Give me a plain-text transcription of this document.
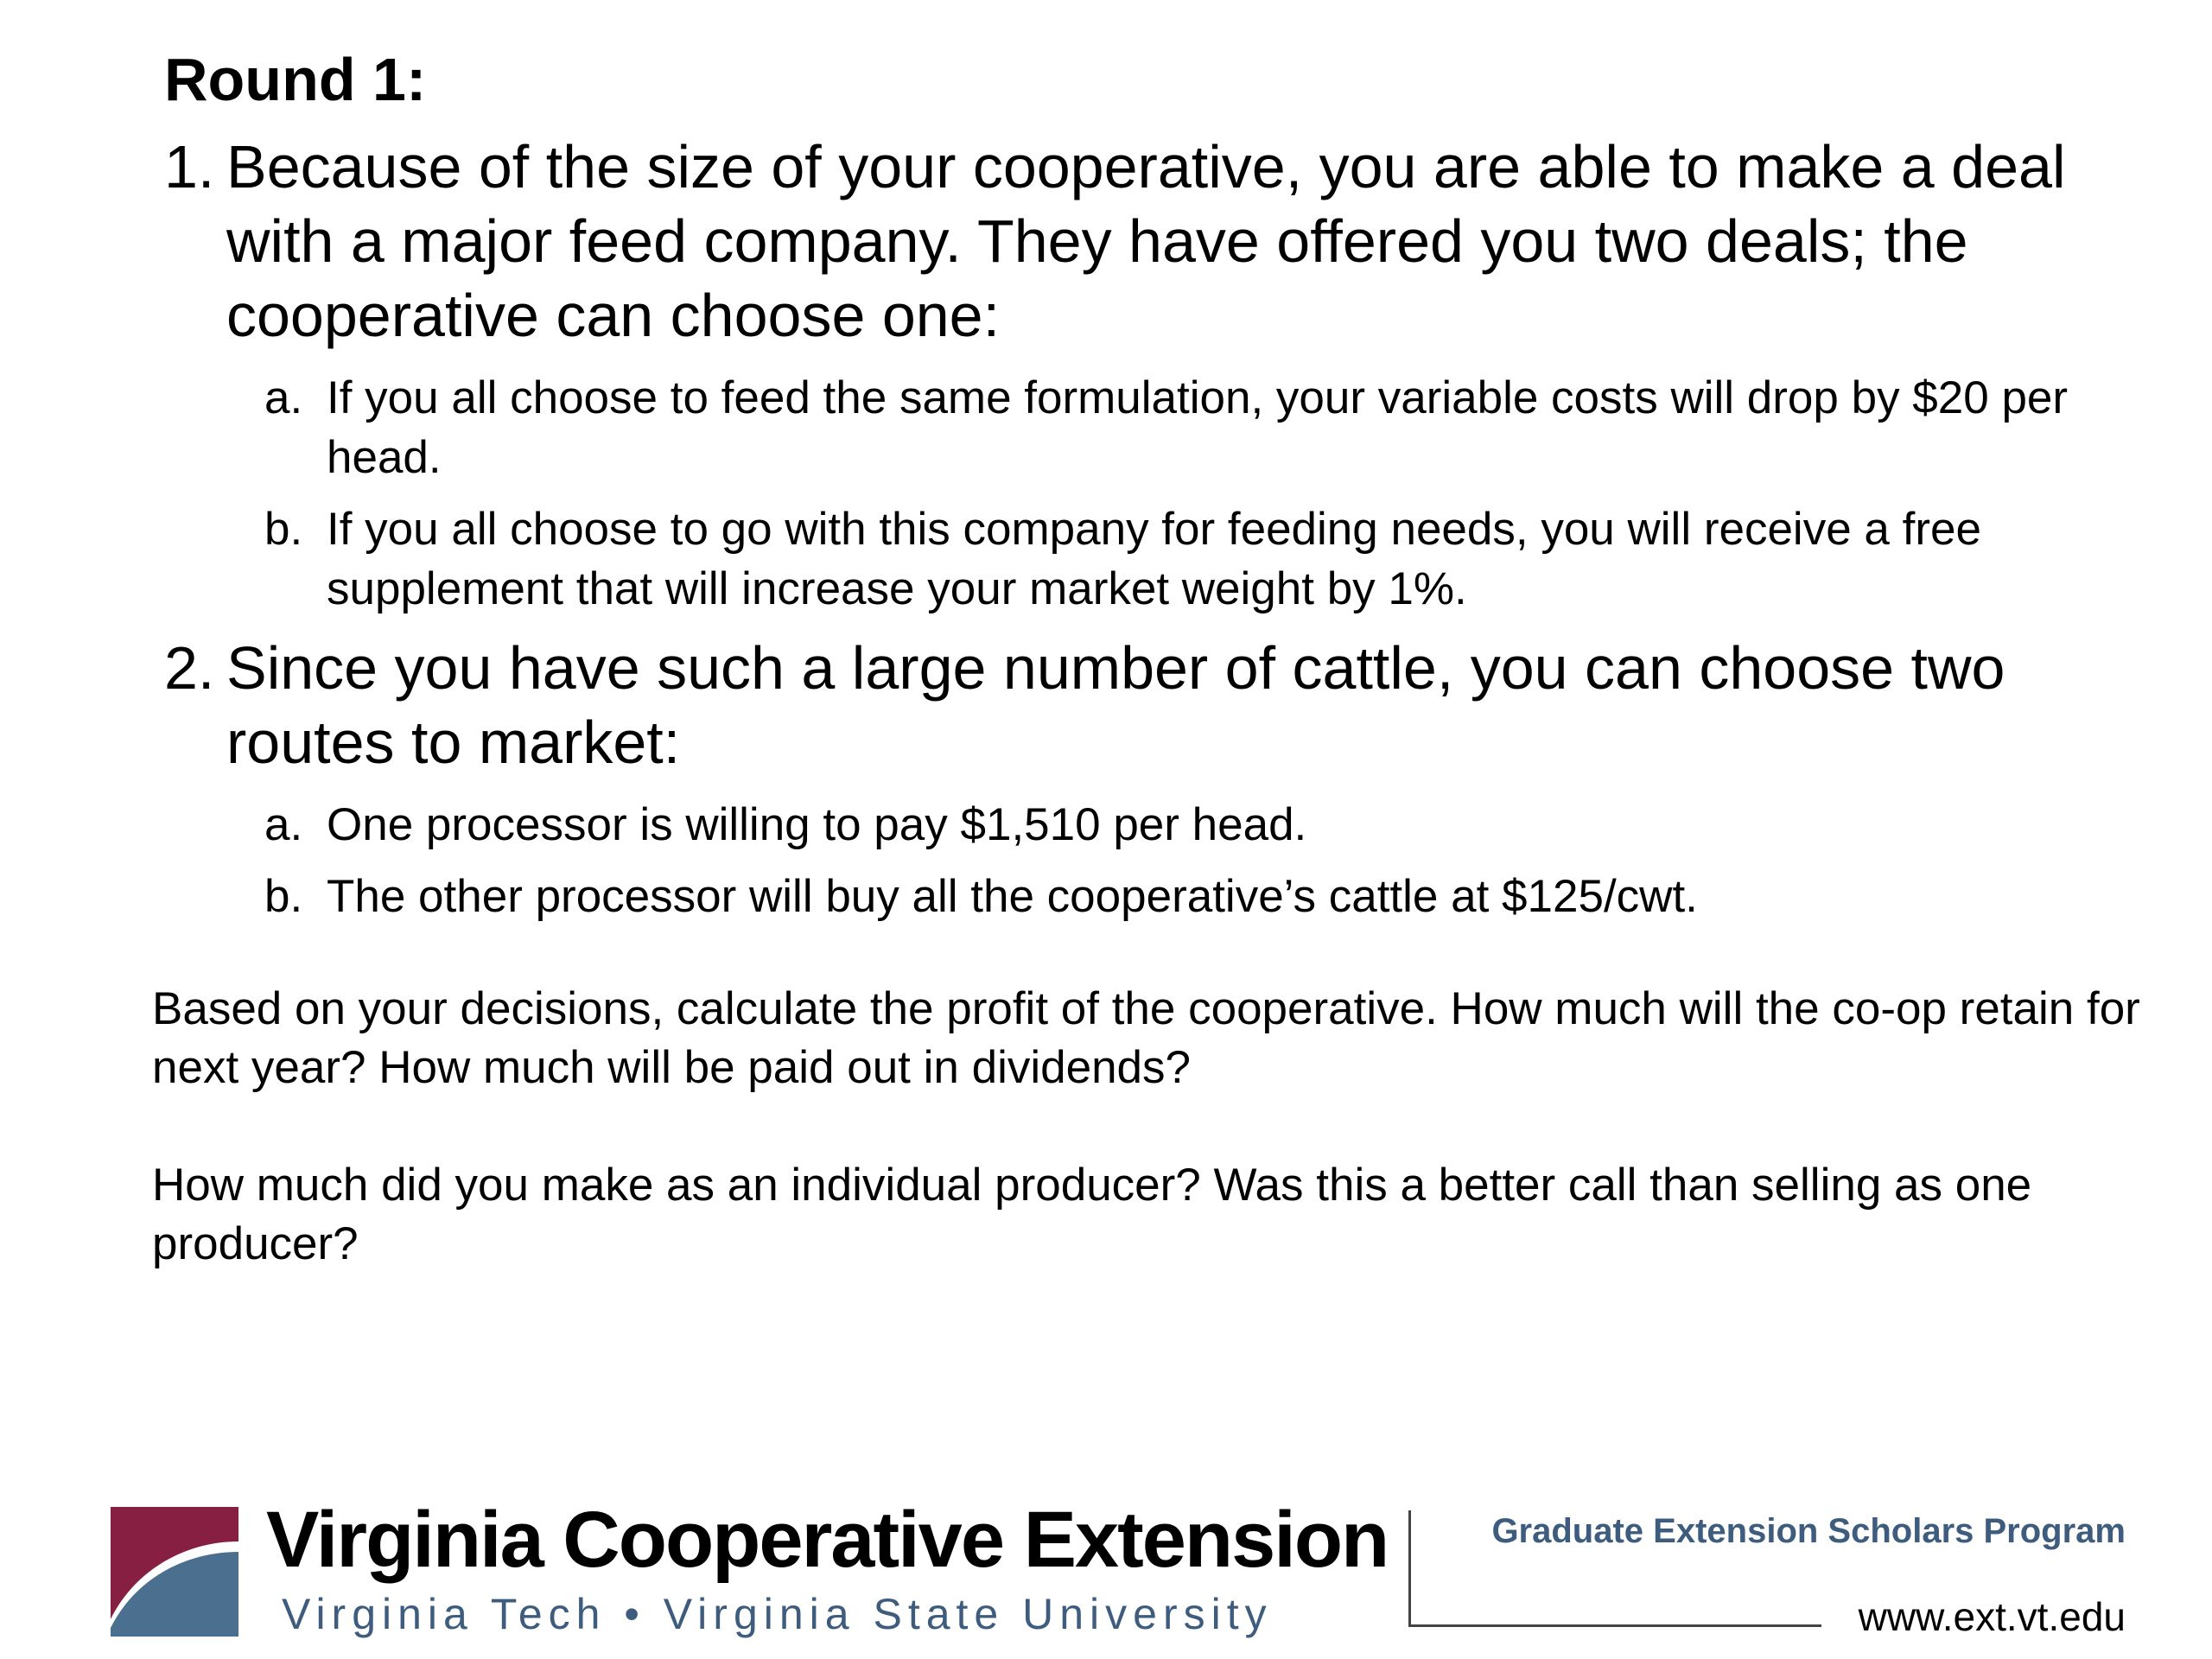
Round 1:
1. Because of the size of your cooperative, you are able to make a deal with a major feed company. They have offered you two deals; the cooperative can choose one:
a. If you all choose to feed the same formulation, your variable costs will drop by $20 per head.
b. If you all choose to go with this company for feeding needs, you will receive a free supplement that will increase your market weight by 1%.
2. Since you have such a large number of cattle, you can choose two routes to market:
a. One processor is willing to pay $1,510 per head.
b. The other processor will buy all the cooperative’s cattle at $125/cwt.

Based on your decisions, calculate the profit of the cooperative. How much will the co-op retain for next year? How much will be paid out in dividends?

How much did you make as an individual producer? Was this a better call than selling as one producer?

Virginia Cooperative Extension
Virginia Tech • Virginia State University
Graduate Extension Scholars Program
www.ext.vt.edu
